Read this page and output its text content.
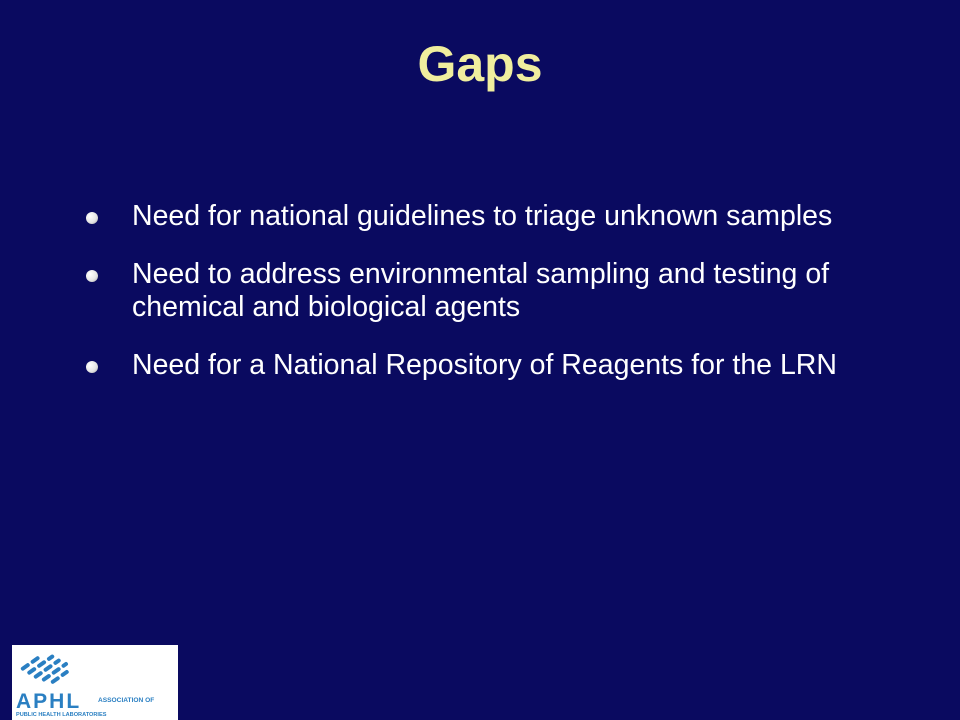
Gaps
Need for national guidelines to triage unknown samples
Need to address environmental sampling and testing of chemical and biological agents
Need for a National Repository of Reagents for the LRN
APHL	ASSOCIATION OF
PUBLIC HEALTH LABORATORIES
